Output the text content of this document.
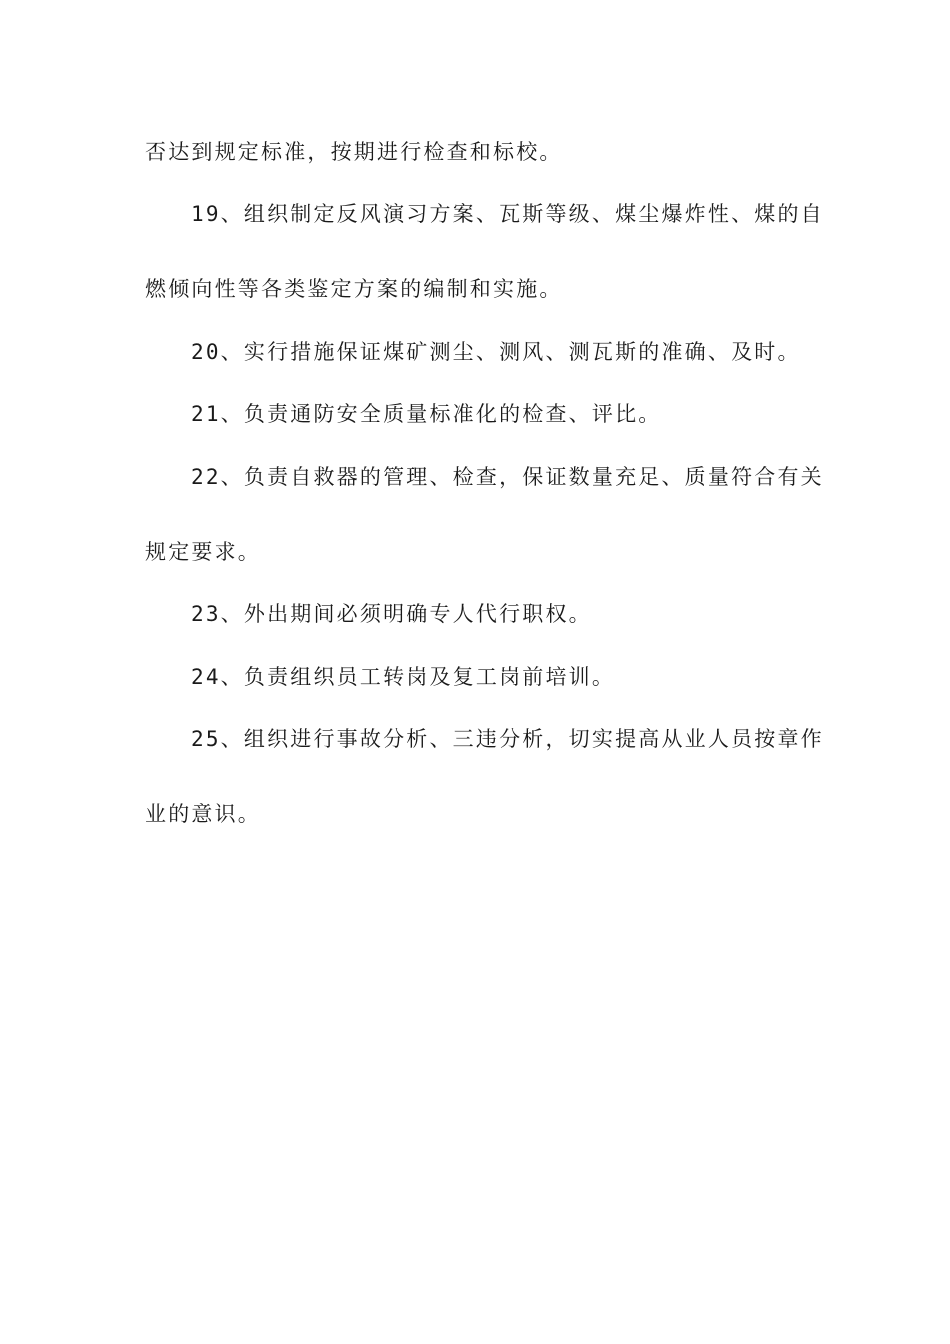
否达到规定标准，按期进行检查和标校。
19、组织制定反风演习方案、瓦斯等级、煤尘爆炸性、煤的自
燃倾向性等各类鉴定方案的编制和实施。
20、实行措施保证煤矿测尘、测风、测瓦斯的准确、及时。
21、负责通防安全质量标准化的检查、评比。
22、负责自救器的管理、检查，保证数量充足、质量符合有关
规定要求。
23、外出期间必须明确专人代行职权。
24、负责组织员工转岗及复工岗前培训。
25、组织进行事故分析、三违分析，切实提高从业人员按章作
业的意识。
